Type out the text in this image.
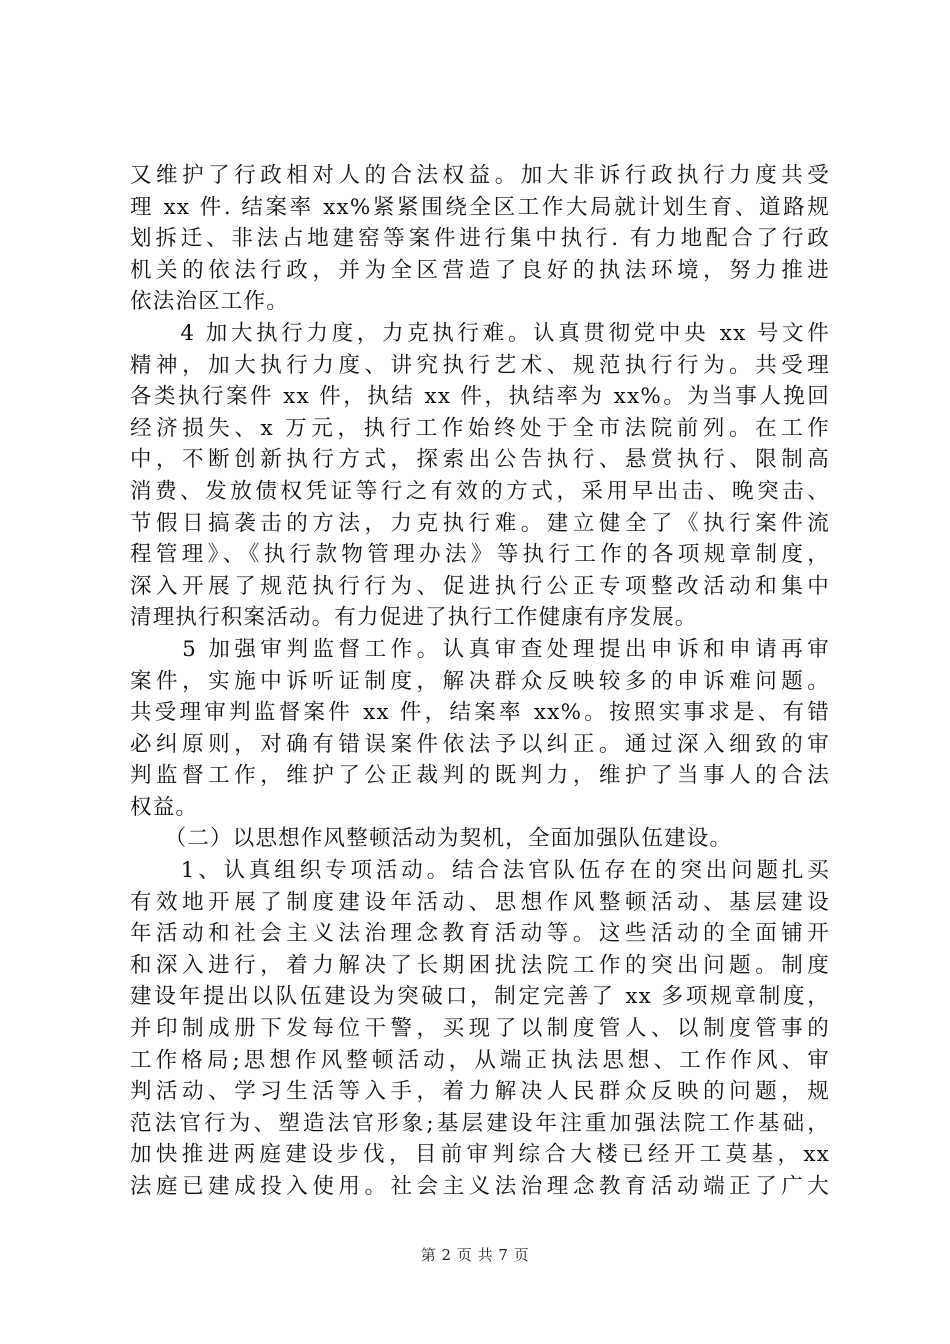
又维护了行政相对人的合法权益。加大非诉行政执行力度共受
理 xx 件. 结案率 xx%紧紧围绕全区工作大局就计划生育、道路规
划拆迁、非法占地建窑等案件进行集中执行. 有力地配合了行政
机关的依法行政，并为全区营造了良好的执法环境，努力推进
依法治区工作。
　　4 加大执行力度，力克执行难。认真贯彻党中央 xx 号文件
精神，加大执行力度、讲究执行艺术、规范执行行为。共受理
各类执行案件 xx 件，执结 xx 件，执结率为 xx%。为当事人挽回
经济损失、x 万元，执行工作始终处于全市法院前列。在工作
中，不断创新执行方式，探索出公告执行、悬赏执行、限制高
消费、发放债权凭证等行之有效的方式，采用早出击、晚突击、
节假日搞袭击的方法，力克执行难。建立健全了《执行案件流
程管理》、《执行款物管理办法》等执行工作的各项规章制度，
深入开展了规范执行行为、促进执行公正专项整改活动和集中
清理执行积案活动。有力促进了执行工作健康有序发展。
　　5 加强审判监督工作。认真审查处理提出申诉和申请再审
案件，实施中诉听证制度，解决群众反映较多的申诉难问题。
共受理审判监督案件 xx 件，结案率 xx%。按照实事求是、有错
必纠原则，对确有错误案件依法予以纠正。通过深入细致的审
判监督工作，维护了公正裁判的既判力，维护了当事人的合法
权益。
　　（二）以思想作风整顿活动为契机，全面加强队伍建设。
　　1、认真组织专项活动。结合法官队伍存在的突出问题扎买
有效地开展了制度建设年活动、思想作风整顿活动、基层建设
年活动和社会主义法治理念教育活动等。这些活动的全面铺开
和深入进行，着力解决了长期困扰法院工作的突出问题。制度
建设年提出以队伍建设为突破口，制定完善了 xx 多项规章制度，
并印制成册下发每位干警，买现了以制度管人、以制度管事的
工作格局;思想作风整顿活动，从端正执法思想、工作作风、审
判活动、学习生活等入手，着力解决人民群众反映的问题，规
范法官行为、塑造法官形象;基层建设年注重加强法院工作基础，
加快推进两庭建设步伐，目前审判综合大楼已经开工莫基，xx
法庭已建成投入使用。社会主义法治理念教育活动端正了广大
第 2 页 共 7 页
